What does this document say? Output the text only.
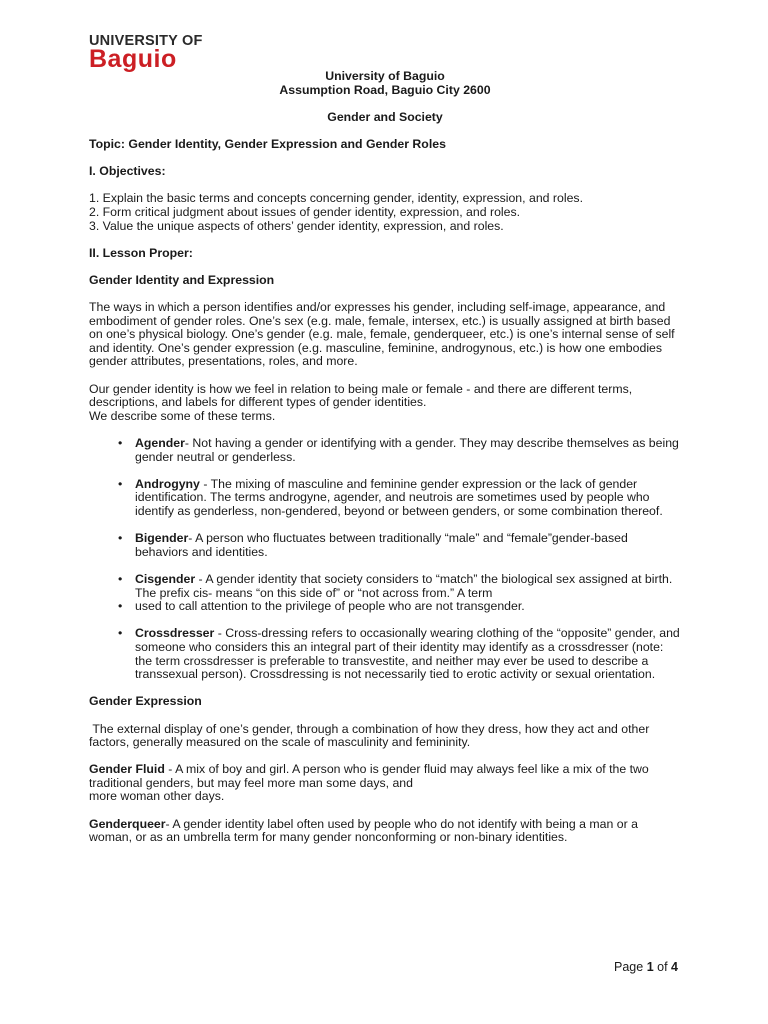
UNIVERSITY OF
Baguio

University of Baguio

Assumption Road, Baguio City 2600

Gender and Society

Topic: Gender Identity, Gender Expression and Gender Roles

I. Objectives:

1. Explain the basic terms and concepts concerning gender, identity, expression, and roles.

2. Form critical judgment about issues of gender identity, expression, and roles.

3. Value the unique aspects of others’ gender identity, expression, and roles.

II. Lesson Proper:

Gender Identity and Expression

The ways in which a person identifies and/or expresses his gender, including self-image, appearance, and embodiment of gender roles. One’s sex (e.g. male, female, intersex, etc.) is usually assigned at birth based on one’s physical biology. One’s gender (e.g. male, female, genderqueer, etc.) is one’s internal sense of self and identity. One’s gender expression (e.g. masculine, feminine, androgynous, etc.) is how one embodies gender attributes, presentations, roles, and more.

Our gender identity is how we feel in relation to being male or female - and there are different terms, descriptions, and labels for different types of gender identities.

We describe some of these terms.

• Agender- Not having a gender or identifying with a gender. They may describe themselves as being gender neutral or genderless.
• Androgyny - The mixing of masculine and feminine gender expression or the lack of gender identification. The terms androgyne, agender, and neutrois are sometimes used by people who identify as genderless, non-gendered, beyond or between genders, or some combination thereof.
• Bigender- A person who fluctuates between traditionally “male” and “female”gender-based behaviors and identities.
• Cisgender - A gender identity that society considers to “match” the biological sex assigned at birth. The prefix cis- means “on this side of” or “not across from.” A term
• used to call attention to the privilege of people who are not transgender.
• Crossdresser - Cross-dressing refers to occasionally wearing clothing of the “opposite” gender, and someone who considers this an integral part of their identity may identify as a crossdresser (note: the term crossdresser is preferable to transvestite, and neither may ever be used to describe a transsexual person). Crossdressing is not necessarily tied to erotic activity or sexual orientation.

Gender Expression

The external display of one’s gender, through a combination of how they dress, how they act and other factors, generally measured on the scale of masculinity and femininity.

Gender Fluid - A mix of boy and girl. A person who is gender fluid may always feel like a mix of the two traditional genders, but may feel more man some days, and

more woman other days.

Genderqueer- A gender identity label often used by people who do not identify with being a man or a woman, or as an umbrella term for many gender nonconforming or non-binary identities.

Page 1 of 4
